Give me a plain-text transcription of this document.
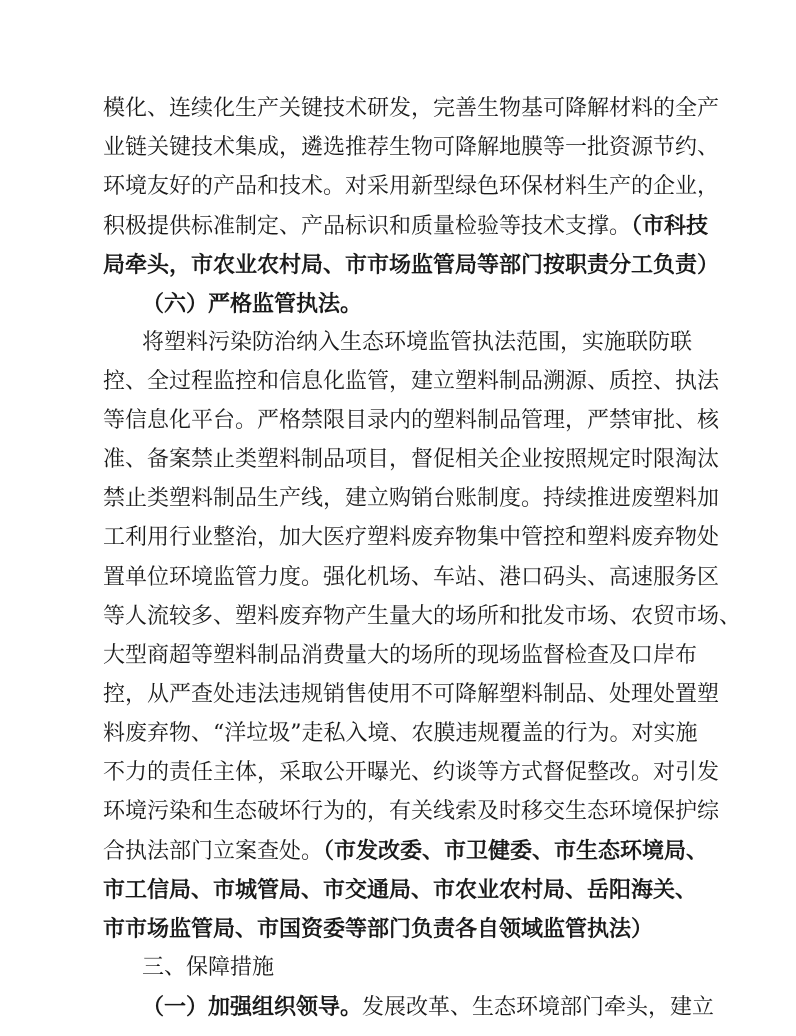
模化、连续化生产关键技术研发，完善生物基可降解材料的全产
业链关键技术集成，遴选推荐生物可降解地膜等一批资源节约、
环境友好的产品和技术。对采用新型绿色环保材料生产的企业，
积极提供标准制定、产品标识和质量检验等技术支撑。（市科技
局牵头，市农业农村局、市市场监管局等部门按职责分工负责）
（六）严格监管执法。
将塑料污染防治纳入生态环境监管执法范围，实施联防联
控、全过程监控和信息化监管，建立塑料制品溯源、质控、执法
等信息化平台。严格禁限目录内的塑料制品管理，严禁审批、核
准、备案禁止类塑料制品项目，督促相关企业按照规定时限淘汰
禁止类塑料制品生产线，建立购销台账制度。持续推进废塑料加
工利用行业整治，加大医疗塑料废弃物集中管控和塑料废弃物处
置单位环境监管力度。强化机场、车站、港口码头、高速服务区
等人流较多、塑料废弃物产生量大的场所和批发市场、农贸市场、
大型商超等塑料制品消费量大的场所的现场监督检查及口岸布
控，从严查处违法违规销售使用不可降解塑料制品、处理处置塑
料废弃物、“洋垃圾”走私入境、农膜违规覆盖的行为。对实施
不力的责任主体，采取公开曝光、约谈等方式督促整改。对引发
环境污染和生态破坏行为的，有关线索及时移交生态环境保护综
合执法部门立案查处。（市发改委、市卫健委、市生态环境局、
市工信局、市城管局、市交通局、市农业农村局、岳阳海关、
市市场监管局、市国资委等部门负责各自领域监管执法）
三、保障措施
（一）加强组织领导。发展改革、生态环境部门牵头，建立
